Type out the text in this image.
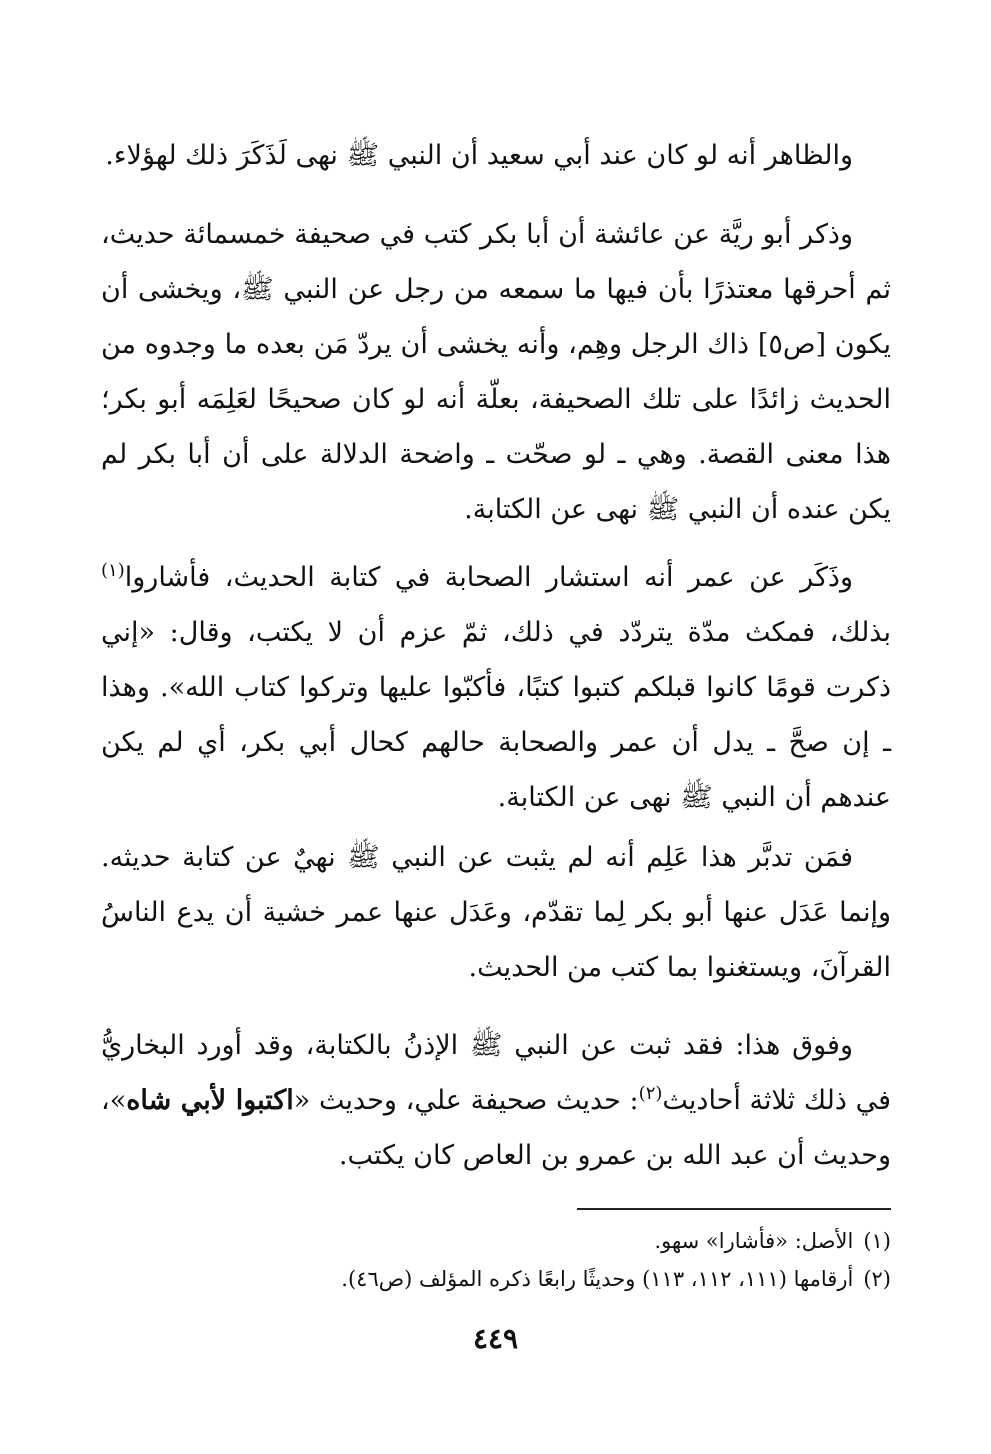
والظاهر أنه لو كان عند أبي سعيد أن النبي ﷺ نهى لَذَكَرَ ذلك لهؤلاء.

وذكر أبو ريَّة عن عائشة أن أبا بكر كتب في صحيفة خمسمائة حديث، ثم أحرقها معتذرًا بأن فيها ما سمعه من رجل عن النبي ﷺ، ويخشى أن يكون [ص٥] ذاك الرجل وهِم، وأنه يخشى أن يردّ مَن بعده ما وجدوه من الحديث زائدًا على تلك الصحيفة، بعلّة أنه لو كان صحيحًا لعَلِمَه أبو بكر؛ هذا معنى القصة. وهي ـ لو صحّت ـ واضحة الدلالة على أن أبا بكر لم يكن عنده أن النبي ﷺ نهى عن الكتابة.

وذَكَر عن عمر أنه استشار الصحابة في كتابة الحديث، فأشاروا$^{(١)}$ بذلك، فمكث مدّة يتردّد في ذلك، ثمّ عزم أن لا يكتب، وقال: «إني ذكرت قومًا كانوا قبلكم كتبوا كتبًا، فأكبّوا عليها وتركوا كتاب الله». وهذا ـ إن صحَّ ـ يدل أن عمر والصحابة حالهم كحال أبي بكر، أي لم يكن عندهم أن النبي ﷺ نهى عن الكتابة.

فمَن تدبَّر هذا عَلِم أنه لم يثبت عن النبي ﷺ نهيٌ عن كتابة حديثه. وإنما عَدَل عنها أبو بكر لِما تقدّم، وعَدَل عنها عمر خشية أن يدع الناسُ القرآنَ، ويستغنوا بما كتب من الحديث.

وفوق هذا: فقد ثبت عن النبي ﷺ الإذنُ بالكتابة، وقد أورد البخاريُّ في ذلك ثلاثة أحاديث$^{(٢)}$: حديث صحيفة علي، وحديث «اكتبوا لأبي شاه»، وحديث أن عبد الله بن عمرو بن العاص كان يكتب.

(١)الأصل: «فأشارا» سهو.

(٢)أرقامها (١١١، ١١٢، ١١٣) وحديثًا رابعًا ذكره المؤلف (ص٤٦).

٤٤٩
